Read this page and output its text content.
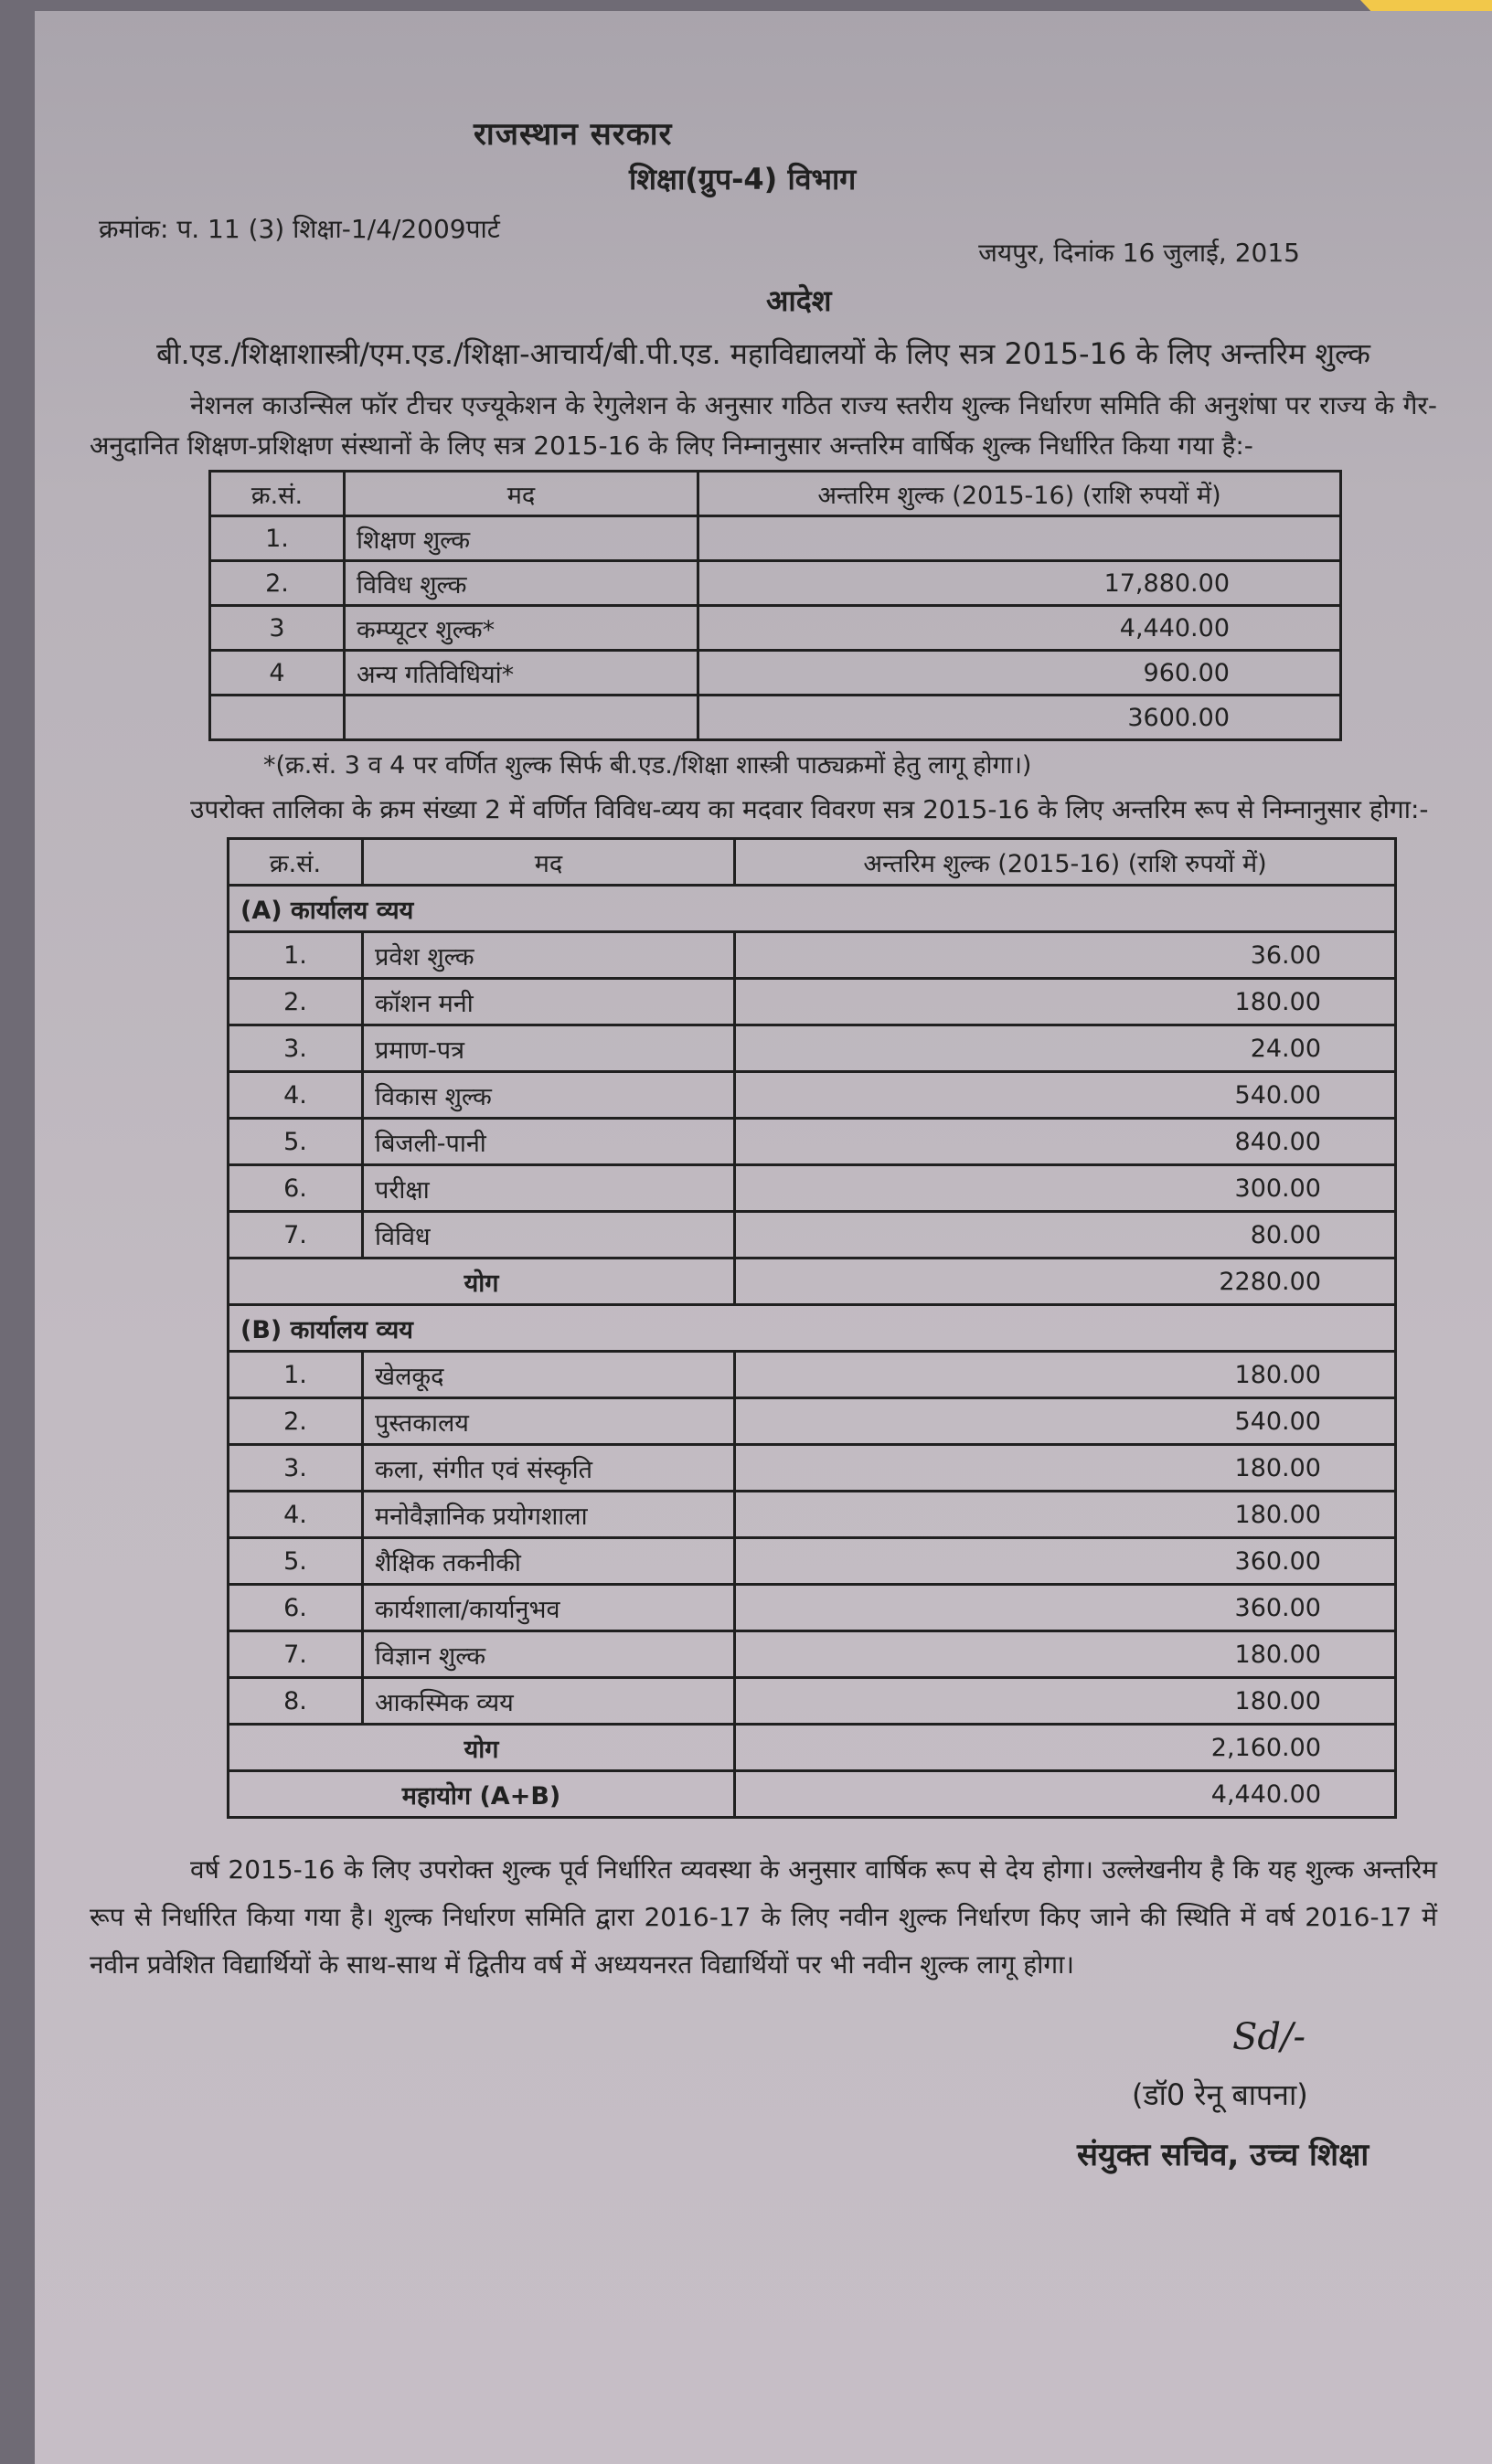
राजस्थान सरकार
शिक्षा(ग्रुप-4) विभाग
क्रमांक: प. 11 (3) शिक्षा-1/4/2009पार्ट
जयपुर, दिनांक 16 जुलाई, 2015
आदेश
बी.एड./शिक्षाशास्त्री/एम.एड./शिक्षा-आचार्य/बी.पी.एड. महाविद्यालयों के लिए सत्र 2015-16 के लिए अन्तरिम शुल्क
नेशनल काउन्सिल फॉर टीचर एज्यूकेशन के रेगुलेशन के अनुसार गठित राज्य स्तरीय शुल्क निर्धारण समिति की अनुशंषा पर राज्य के गैर-अनुदानित शिक्षण-प्रशिक्षण संस्थानों के लिए सत्र 2015-16 के लिए निम्नानुसार अन्तरिम वार्षिक शुल्क निर्धारित किया गया है:-
क्र.सं.	मद	अन्तरिम शुल्क (2015-16) (राशि रुपयों में)
1.	शिक्षण शुल्क	
2.	विविध शुल्क	17,880.00
3	कम्प्यूटर शुल्क*	4,440.00
4	अन्य गतिविधियां*	960.00
		3600.00
*(क्र.सं. 3 व 4 पर वर्णित शुल्क सिर्फ बी.एड./शिक्षा शास्त्री पाठ्यक्रमों हेतु लागू होगा।)
उपरोक्त तालिका के क्रम संख्या 2 में वर्णित विविध-व्यय का मदवार विवरण सत्र 2015-16 के लिए अन्तरिम रूप से निम्नानुसार होगा:-
क्र.सं.	मद	अन्तरिम शुल्क (2015-16) (राशि रुपयों में)
(A) कार्यालय व्यय		
1.	प्रवेश शुल्क	36.00
2.	कॉशन मनी	180.00
3.	प्रमाण-पत्र	24.00
4.	विकास शुल्क	540.00
5.	बिजली-पानी	840.00
6.	परीक्षा	300.00
7.	विविध	80.00
योग		2280.00
(B) कार्यालय व्यय		
1.	खेलकूद	180.00
2.	पुस्तकालय	540.00
3.	कला, संगीत एवं संस्कृति	180.00
4.	मनोवैज्ञानिक प्रयोगशाला	180.00
5.	शैक्षिक तकनीकी	360.00
6.	कार्यशाला/कार्यानुभव	360.00
7.	विज्ञान शुल्क	180.00
8.	आकस्मिक व्यय	180.00
योग		2,160.00
महायोग (A+B)		4,440.00
वर्ष 2015-16 के लिए उपरोक्त शुल्क पूर्व निर्धारित व्यवस्था के अनुसार वार्षिक रूप से देय होगा। उल्लेखनीय है कि यह शुल्क अन्तरिम रूप से निर्धारित किया गया है। शुल्क निर्धारण समिति द्वारा 2016-17 के लिए नवीन शुल्क निर्धारण किए जाने की स्थिति में वर्ष 2016-17 में नवीन प्रवेशित विद्यार्थियों के साथ-साथ में द्वितीय वर्ष में अध्ययनरत विद्यार्थियों पर भी नवीन शुल्क लागू होगा।
Sd/-
(डॉ0 रेनू बापना)
संयुक्त सचिव, उच्च शिक्षा
